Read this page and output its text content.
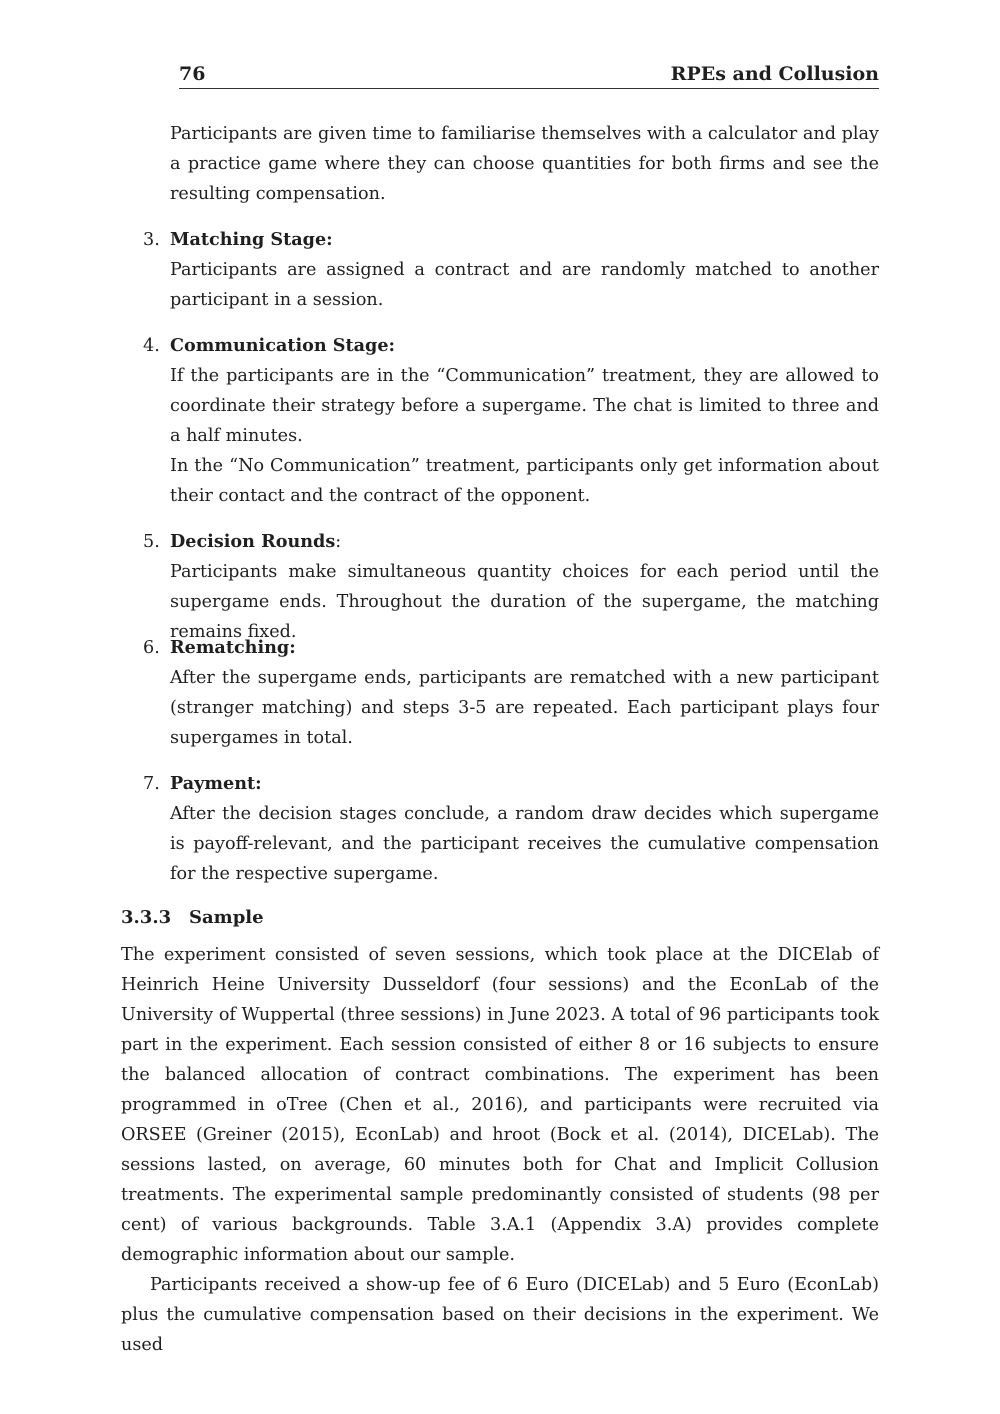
76	RPEs and Collusion

Participants are given time to familiarise themselves with a calculator and play a practice game where they can choose quantities for both firms and see the resulting compensation.

3. Matching Stage:

Participants are assigned a contract and are randomly matched to another participant in a session.

4. Communication Stage:

If the participants are in the “Communication” treatment, they are allowed to coordinate their strategy before a supergame. The chat is limited to three and a half minutes.

In the “No Communication” treatment, participants only get information about their contact and the contract of the opponent.

5. Decision Rounds:

Participants make simultaneous quantity choices for each period until the supergame ends. Throughout the duration of the supergame, the matching remains fixed.

6. Rematching:

After the supergame ends, participants are rematched with a new participant (stranger matching) and steps 3-5 are repeated. Each participant plays four supergames in total.

7. Payment:

After the decision stages conclude, a random draw decides which supergame is payoff-relevant, and the participant receives the cumulative compensation for the respective supergame.

3.3.3 Sample

The experiment consisted of seven sessions, which took place at the DICElab of Heinrich Heine University Dusseldorf (four sessions) and the EconLab of the University of Wuppertal (three sessions) in June 2023. A total of 96 participants took part in the experiment. Each session consisted of either 8 or 16 subjects to ensure the balanced allocation of contract combinations. The experiment has been programmed in oTree (Chen et al., 2016), and participants were recruited via ORSEE (Greiner (2015), EconLab) and hroot (Bock et al. (2014), DICELab). The sessions lasted, on average, 60 minutes both for Chat and Implicit Collusion treatments. The experimental sample predominantly consisted of students (98 per cent) of various backgrounds. Table 3.A.1 (Appendix 3.A) provides complete demographic information about our sample.

Participants received a show-up fee of 6 Euro (DICELab) and 5 Euro (EconLab) plus the cumulative compensation based on their decisions in the experiment. We used
